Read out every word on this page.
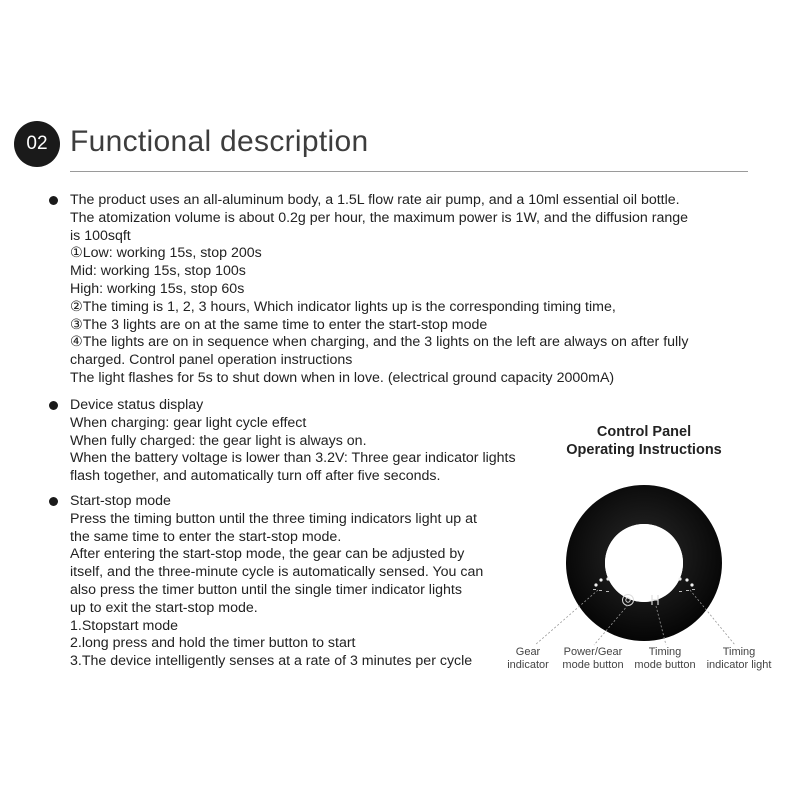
02 Functional description
The product uses an all-aluminum body, a 1.5L flow rate air pump, and a 10ml essential oil bottle.
The atomization volume is about 0.2g per hour, the maximum power is 1W, and the diffusion range
is 100sqft
①Low: working 15s, stop 200s
Mid: working 15s, stop 100s
High: working 15s, stop 60s
②The timing is 1, 2, 3 hours, Which indicator lights up is the corresponding timing time,
③The 3 lights are on at the same time to enter the start-stop mode
④The lights are on in sequence when charging, and the 3 lights on the left are always on after fully
charged. Control panel operation instructions
The light flashes for 5s to shut down when in love. (electrical ground capacity 2000mA)
Device status display
When charging: gear light cycle effect
When fully charged: the gear light is always on.
When the battery voltage is lower than 3.2V: Three gear indicator lights
flash together, and automatically turn off after five seconds.
Start-stop mode
Press the timing button until the three timing indicators light up at
the same time to enter the start-stop mode.
After entering the start-stop mode, the gear can be adjusted by
itself, and the three-minute cycle is automatically sensed. You can
also press the timer button until the single timer indicator lights
up to exit the start-stop mode.
1.Stopstart mode
2.long press and hold the timer button to start
3.The device intelligently senses at a rate of 3 minutes per cycle
Control Panel
Operating Instructions
Gear
indicator
Power/Gear
mode button
Timing
mode button
Timing
indicator light
